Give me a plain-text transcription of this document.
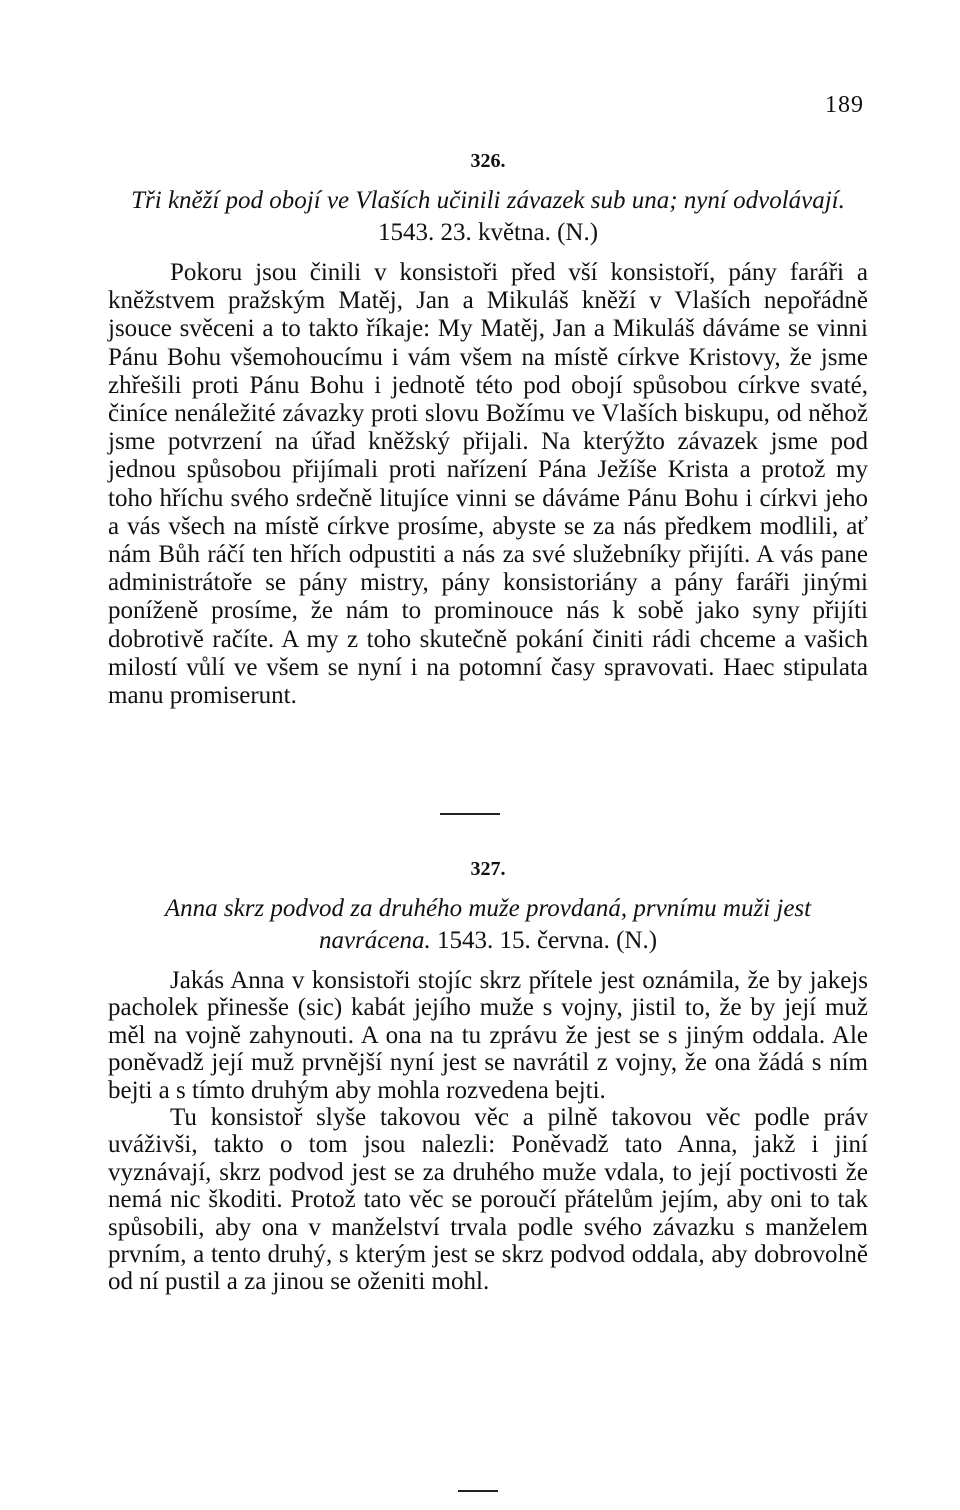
189
326.
Tři kněží pod obojí ve Vlaších učinili závazek sub una; nyní odvolávají. 1543. 23. května. (N.)

Pokoru jsou činili v konsistoři před vší konsistoří, pány faráři a kněžstvem pražským Matěj, Jan a Mikuláš kněží v Vlaších nepořádně jsouce svěceni a to takto říkaje: My Matěj, Jan a Mikuláš dáváme se vinni Pánu Bohu všemohoucímu i vám všem na místě církve Kristovy, že jsme zhřešili proti Pánu Bohu i jednotě této pod obojí spůsobou církve svaté, činíce nenáležité závazky proti slovu Božímu ve Vlaších biskupu, od něhož jsme potvrzení na úřad kněžský přijali. Na kterýžto závazek jsme pod jednou spůsobou přijímali proti nařízení Pána Ježíše Krista a protož my toho hříchu svého srdečně litujíce vinni se dáváme Pánu Bohu i církvi jeho a vás všech na místě církve prosíme, abyste se za nás předkem modlili, ať nám Bůh ráčí ten hřích odpustiti a nás za své služebníky přijíti. A vás pane administrátoře se pány mistry, pány konsistoriány a pány faráři jinými poníženě prosíme, že nám to prominouce nás k sobě jako syny přijíti dobrotivě račíte. A my z toho skutečně pokání činiti rádi chceme a vašich milostí vůlí ve všem se nyní i na potomní časy spravovati. Haec stipulata manu promiserunt.

327.
Anna skrz podvod za druhého muže provdaná, prvnímu muži jest navrácena. 1543. 15. června. (N.)

Jakás Anna v konsistoři stojíc skrz přítele jest oznámila, že by jakejs pacholek přinesše (sic) kabát jejího muže s vojny, jistil to, že by její muž měl na vojně zahynouti. A ona na tu zprávu že jest se s jiným oddala. Ale poněvadž její muž prvnější nyní jest se navrátil z vojny, že ona žádá s ním bejti a s tímto druhým aby mohla rozvedena bejti.

Tu konsistoř slyše takovou věc a pilně takovou věc podle práv uváživši, takto o tom jsou nalezli: Poněvadž tato Anna, jakž i jiní vyznávají, skrz podvod jest se za druhého muže vdala, to její poctivosti že nemá nic škoditi. Protož tato věc se poroučí přátelům jejím, aby oni to tak spůsobili, aby ona v manželství trvala podle svého závazku s manželem prvním, a tento druhý, s kterým jest se skrz podvod oddala, aby dobrovolně od ní pustil a za jinou se oženiti mohl.
